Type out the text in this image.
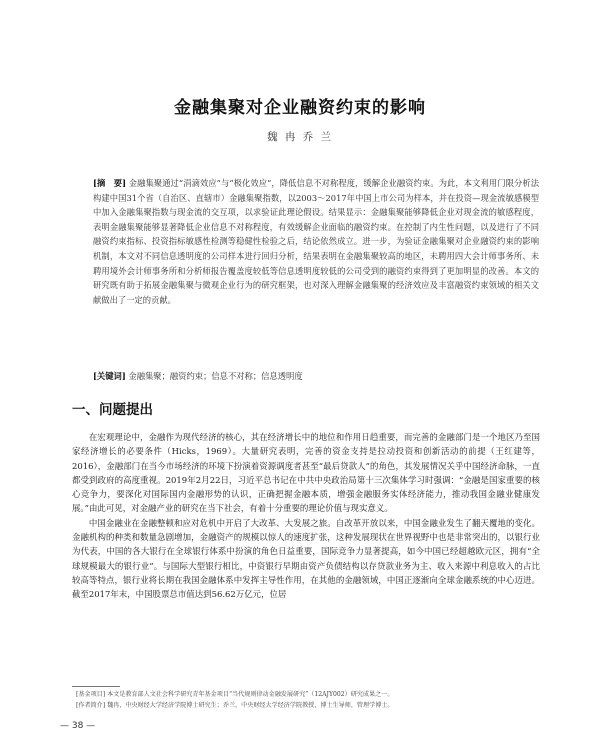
金融集聚对企业融资约束的影响
魏 冉 乔 兰
[摘　要] 金融集聚通过“涓滴效应”与“极化效应”，降低信息不对称程度，缓解企业融资约束。为此，本文利用门限分析法构建中国31个省（自治区、直辖市）金融集聚指数，以2003～2017年中国上市公司为样本，并在投资—现金流敏感模型中加入金融集聚指数与现金流的交互项，以求验证此理论假设。结果显示：金融集聚能够降低企业对现金流的敏感程度，表明金融集聚能够显著降低企业信息不对称程度，有效缓解企业面临的融资约束。在控制了内生性问题，以及进行了不同融资约束指标、投资指标敏感性检测等稳健性检验之后，结论依然成立。进一步，为验证金融集聚对企业融资约束的影响机制，本文对不同信息透明度的公司样本进行回归分析，结果表明在金融集聚较高的地区，未聘用四大会计师事务所、未聘用境外会计师事务所和分析师报告覆盖度较低等信息透明度较低的公司受到的融资约束得到了更加明显的改善。本文的研究既有助于拓展金融集聚与微观企业行为的研究框架，也对深入理解金融集聚的经济效应及丰富融资约束领域的相关文献做出了一定的贡献。
[关键词] 金融集聚；融资约束；信息不对称；信息透明度
一、问题提出

在宏观理论中，金融作为现代经济的核心，其在经济增长中的地位和作用日趋重要，而完善的金融部门是一个地区乃至国家经济增长的必要条件（Hicks，1969）。大量研究表明，完善的资金支持是拉动投资和创新活动的前提（王红建等，2016），金融部门在当今市场经济的环境下扮演着资源调度者甚至“最后贷款人”的角色，其发展情况关乎中国经济命脉，一直都受到政府的高度重视。2019年2月22日，习近平总书记在中共中央政治局第十三次集体学习时强调：“金融是国家重要的核心竞争力，要深化对国际国内金融形势的认识，正确把握金融本质，增强金融服务实体经济能力，推动我国金融业健康发展。”由此可见，对金融产业的研究在当下社会，有着十分重要的理论价值与现实意义。

中国金融业在金融整顿和应对危机中开启了大改革、大发展之旅。自改革开放以来，中国金融业发生了翻天覆地的变化。金融机构的种类和数量急剧增加，金融资产的规模以惊人的速度扩张，这种发展现状在世界视野中也是非常突出的，以银行业为代表，中国的各大银行在全球银行体系中扮演的角色日益重要，国际竞争力显著提高，如今中国已经超越欧元区，拥有“全球规模最大的银行业”。与国际大型银行相比，中资银行早期由资产负债结构以存贷款业务为主、收入来源中利息收入的占比较高等特点，银行业将长期在我国金融体系中发挥主导性作用，在其他的金融领域，中国正逐渐向全球金融系统的中心迈进。截至2017年末，中国股票总市值达到56.62万亿元，位居

[基金项目] 本文是教育部人文社会科学研究青年基金项目“当代规则律动金融发展研究”（12AJY002）研究成果之一。
[作者简介] 魏冉，中央财经大学经济学院博士研究生；乔兰，中央财经大学经济学院教授，博士生导师，管理学博士。
— 38 —
